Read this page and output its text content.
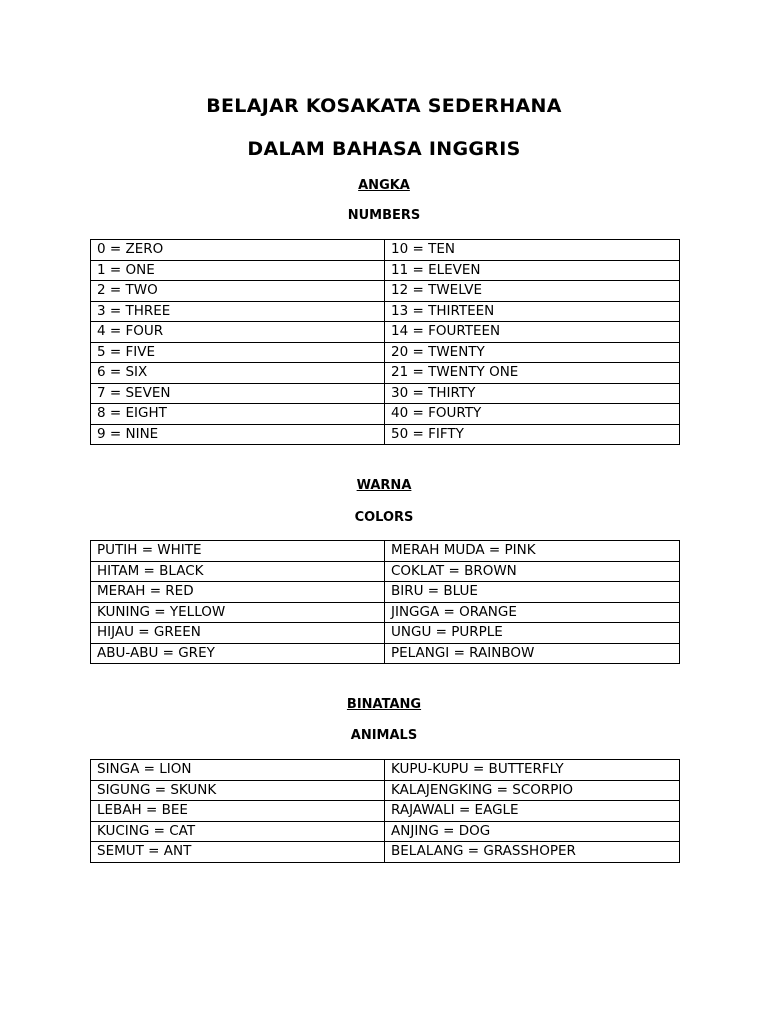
BELAJAR KOSAKATA SEDERHANA
DALAM BAHASA INGGRIS
ANGKA
NUMBERS
0 = ZERO	10 = TEN
1 = ONE	11 = ELEVEN
2 = TWO	12 = TWELVE
3 = THREE	13 = THIRTEEN
4 = FOUR	14 = FOURTEEN
5 = FIVE	20 = TWENTY
6 = SIX	21 = TWENTY ONE
7 = SEVEN	30 = THIRTY
8 = EIGHT	40 = FOURTY
9 = NINE	50 = FIFTY
WARNA
COLORS
PUTIH = WHITE	MERAH MUDA = PINK
HITAM = BLACK	COKLAT = BROWN
MERAH = RED	BIRU = BLUE
KUNING = YELLOW	JINGGA = ORANGE
HIJAU = GREEN	UNGU = PURPLE
ABU-ABU = GREY	PELANGI = RAINBOW
BINATANG
ANIMALS
SINGA = LION	KUPU-KUPU = BUTTERFLY
SIGUNG = SKUNK	KALAJENGKING = SCORPIO
LEBAH = BEE	RAJAWALI = EAGLE
KUCING = CAT	ANJING = DOG
SEMUT = ANT	BELALANG = GRASSHOPER
